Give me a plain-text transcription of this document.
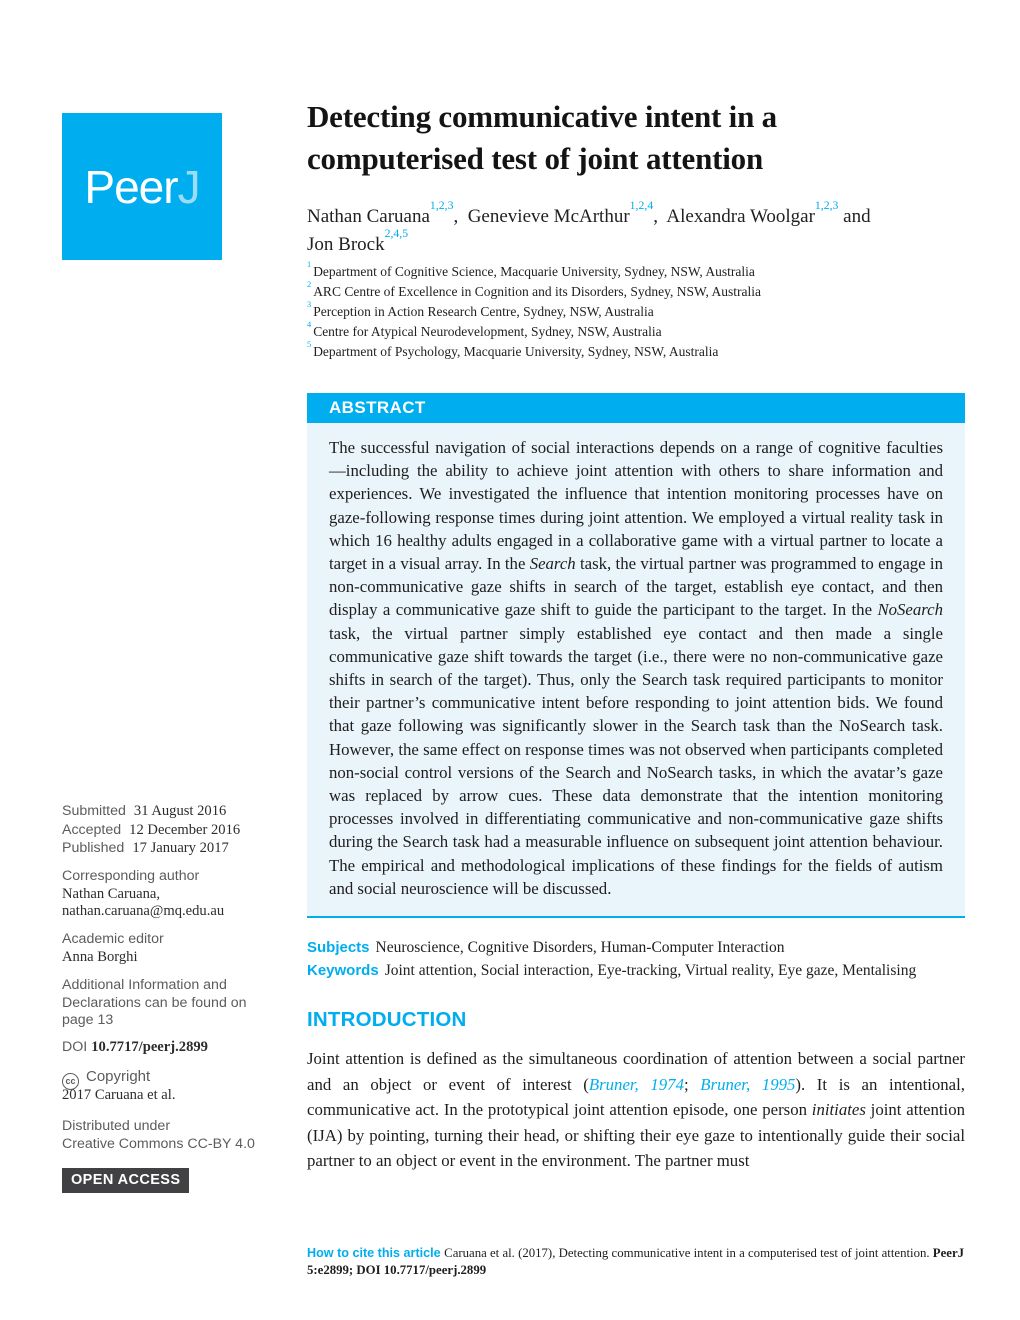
PeerJ
Detecting communicative intent in a
computerised test of joint attention
Nathan Caruana$^{1,2,3}$,  Genevieve McArthur$^{1,2,4}$,  Alexandra Woolgar$^{1,2,3}$ and
Jon Brock$^{2,4,5}$
$^1$ Department of Cognitive Science, Macquarie University, Sydney, NSW, Australia
$^2$ ARC Centre of Excellence in Cognition and its Disorders, Sydney, NSW, Australia
$^3$ Perception in Action Research Centre, Sydney, NSW, Australia
$^4$ Centre for Atypical Neurodevelopment, Sydney, NSW, Australia
$^5$ Department of Psychology, Macquarie University, Sydney, NSW, Australia
ABSTRACT
The successful navigation of social interactions depends on a range of cognitive faculties—including the ability to achieve joint attention with others to share information and experiences. We investigated the influence that intention monitoring processes have on gaze-following response times during joint attention. We employed a virtual reality task in which 16 healthy adults engaged in a collaborative game with a virtual partner to locate a target in a visual array. In the Search task, the virtual partner was programmed to engage in non-communicative gaze shifts in search of the target, establish eye contact, and then display a communicative gaze shift to guide the participant to the target. In the NoSearch task, the virtual partner simply established eye contact and then made a single communicative gaze shift towards the target (i.e., there were no non-communicative gaze shifts in search of the target). Thus, only the Search task required participants to monitor their partner’s communicative intent before responding to joint attention bids. We found that gaze following was significantly slower in the Search task than the NoSearch task. However, the same effect on response times was not observed when participants completed non-social control versions of the Search and NoSearch tasks, in which the avatar’s gaze was replaced by arrow cues. These data demonstrate that the intention monitoring processes involved in differentiating communicative and non-communicative gaze shifts during the Search task had a measurable influence on subsequent joint attention behaviour. The empirical and methodological implications of these findings for the fields of autism and social neuroscience will be discussed.
Subjects Neuroscience, Cognitive Disorders, Human-Computer Interaction
Keywords Joint attention, Social interaction, Eye-tracking, Virtual reality, Eye gaze, Mentalising
INTRODUCTION
Joint attention is defined as the simultaneous coordination of attention between a social partner and an object or event of interest (Bruner, 1974; Bruner, 1995). It is an intentional, communicative act. In the prototypical joint attention episode, one person initiates joint attention (IJA) by pointing, turning their head, or shifting their eye gaze to intentionally guide their social partner to an object or event in the environment. The partner must
How to cite this article Caruana et al. (2017), Detecting communicative intent in a computerised test of joint attention. PeerJ 5:e2899; DOI 10.7717/peerj.2899
Submitted 31 August 2016
Accepted 12 December 2016
Published 17 January 2017
Corresponding author
Nathan Caruana,
nathan.caruana@mq.edu.au
Academic editor
Anna Borghi
Additional Information and
Declarations can be found on
page 13
DOI 10.7717/peerj.2899
cc Copyright
2017 Caruana et al.
Distributed under
Creative Commons CC-BY 4.0
OPEN ACCESS
